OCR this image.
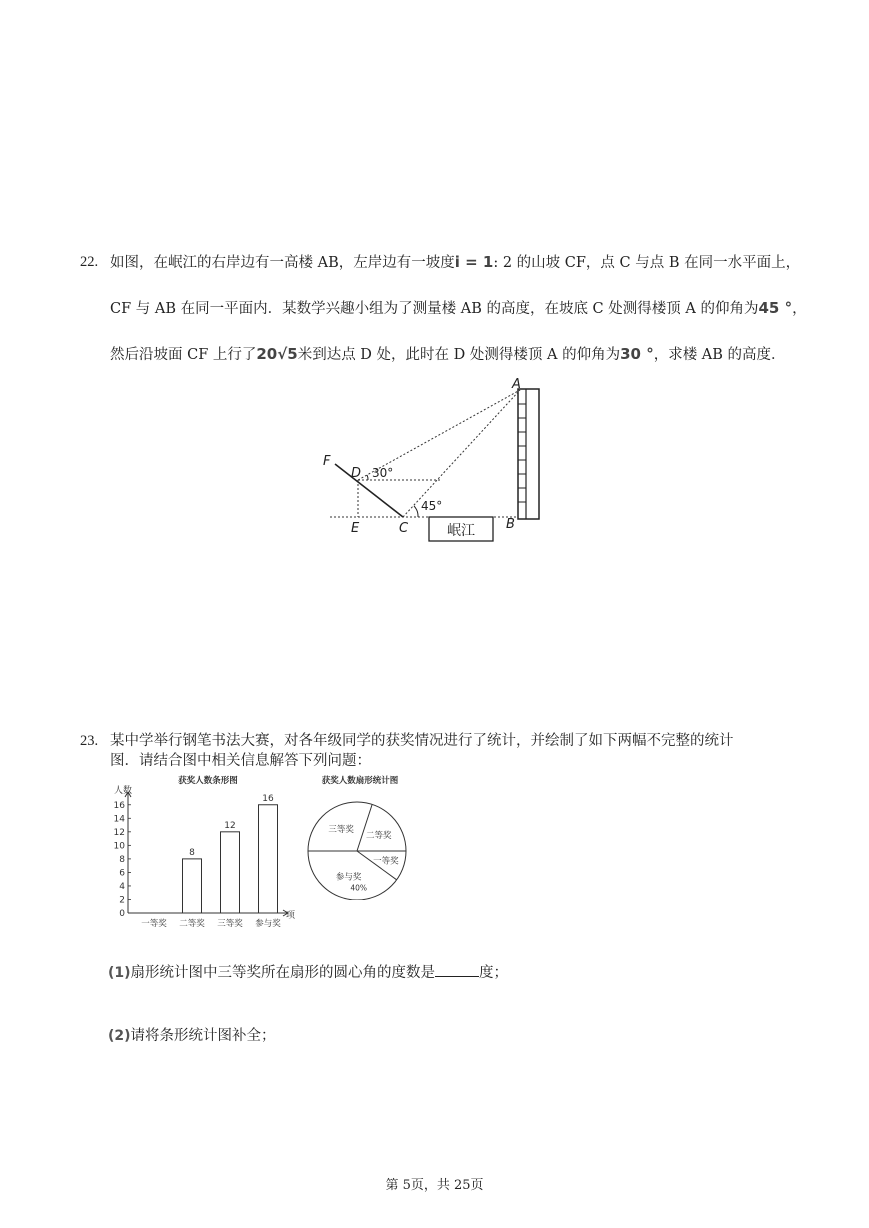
22. 如图，在岷江的右岸边有一高楼 AB，左岸边有一坡度i = 1: 2 的山坡 CF，点 C 与点 B 在同一水平面上，
CF 与 AB 在同一平面内．某数学兴趣小组为了测量楼 AB 的高度，在坡底 C 处测得楼顶 A 的仰角为45 °，
然后沿坡面 CF 上行了20√5米到达点 D 处，此时在 D 处测得楼顶 A 的仰角为30 °，求楼 AB 的高度．
岷江
A
B
C
D
E
F
30°
45°
23. 某中学举行钢笔书法大赛，对各年级同学的获奖情况进行了统计，并绘制了如下两幅不完整的统计
图．请结合图中相关信息解答下列问题：
获奖人数条形图
人数
项
0
2
4
6
8
10
12
14
16
一等奖 二等奖
8
三等奖
12
参与奖
16
获奖人数扇形统计图
三等奖
二等奖
一等奖
参与奖
40%
(1)扇形统计图中三等奖所在扇形的圆心角的度数是	度；
(2)请将条形统计图补全；
第 5页，共 25页
